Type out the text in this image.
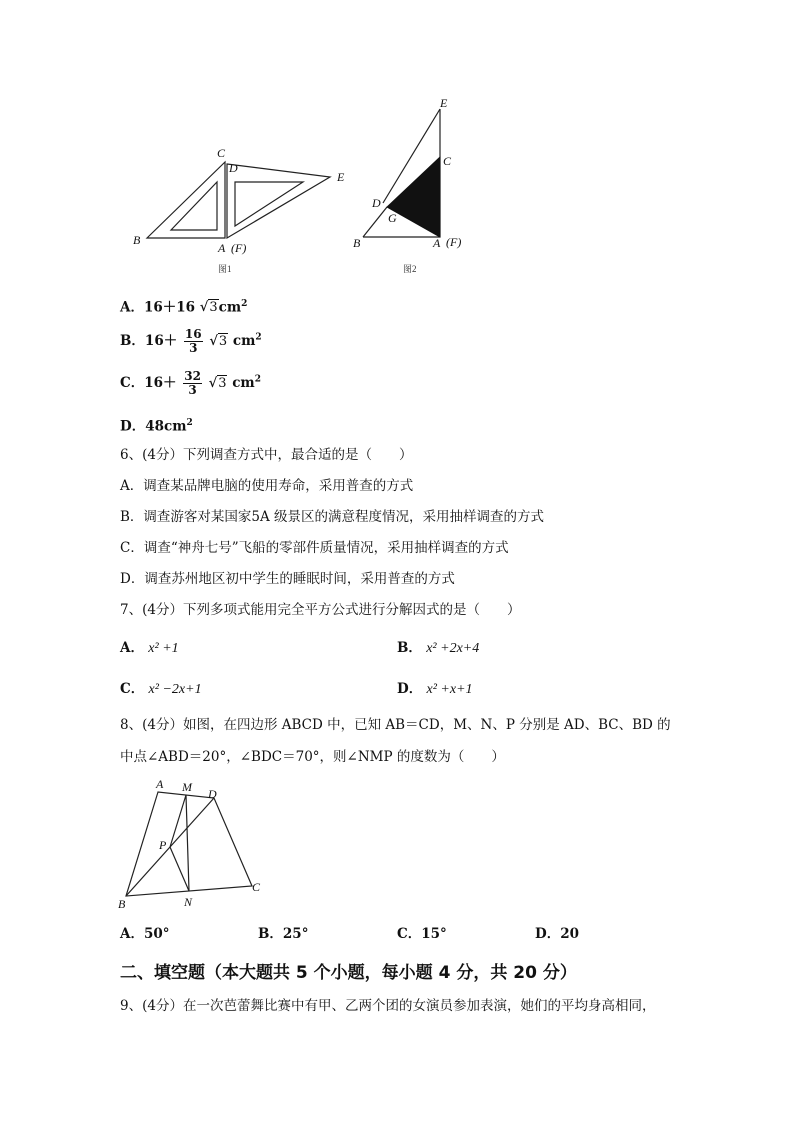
B
C
D
E
A (F)
图1
E
C
D
G
B	A (F)
图2
A．16＋16 $√3cm^2$
B．$16+ \frac{16}{3} √3$ $cm^2$
C．$16+ \frac{32}{3} √3$ $cm^2$
D．$48cm^2$
6、(4分）下列调查方式中，最合适的是（　　）
A．调查某品牌电脑的使用寿命，采用普查的方式
B．调查游客对某国家5A 级景区的满意程度情况，采用抽样调查的方式
C．调查“神舟七号”飞船的零部件质量情况，采用抽样调查的方式
D．调查苏州地区初中学生的睡眠时间，采用普查的方式
7、(4分）下列多项式能用完全平方公式进行分解因式的是（　　）
A． x² +1	B． x² +2x+4
C． x² −2x+1	D． x² +x+1
8、(4分）如图，在四边形 ABCD 中，已知 AB＝CD，M、N、P 分别是 AD、BC、BD 的
中点∠ABD＝20°，∠BDC＝70°，则∠NMP 的度数为（　　）
A M D
P
B	N
C
A．50°	B．25°	C．15°	D．20
二、填空题（本大题共 5 个小题，每小题 4 分，共 20 分）
9、(4分）在一次芭蕾舞比赛中有甲、乙两个团的女演员参加表演，她们的平均身高相同，
